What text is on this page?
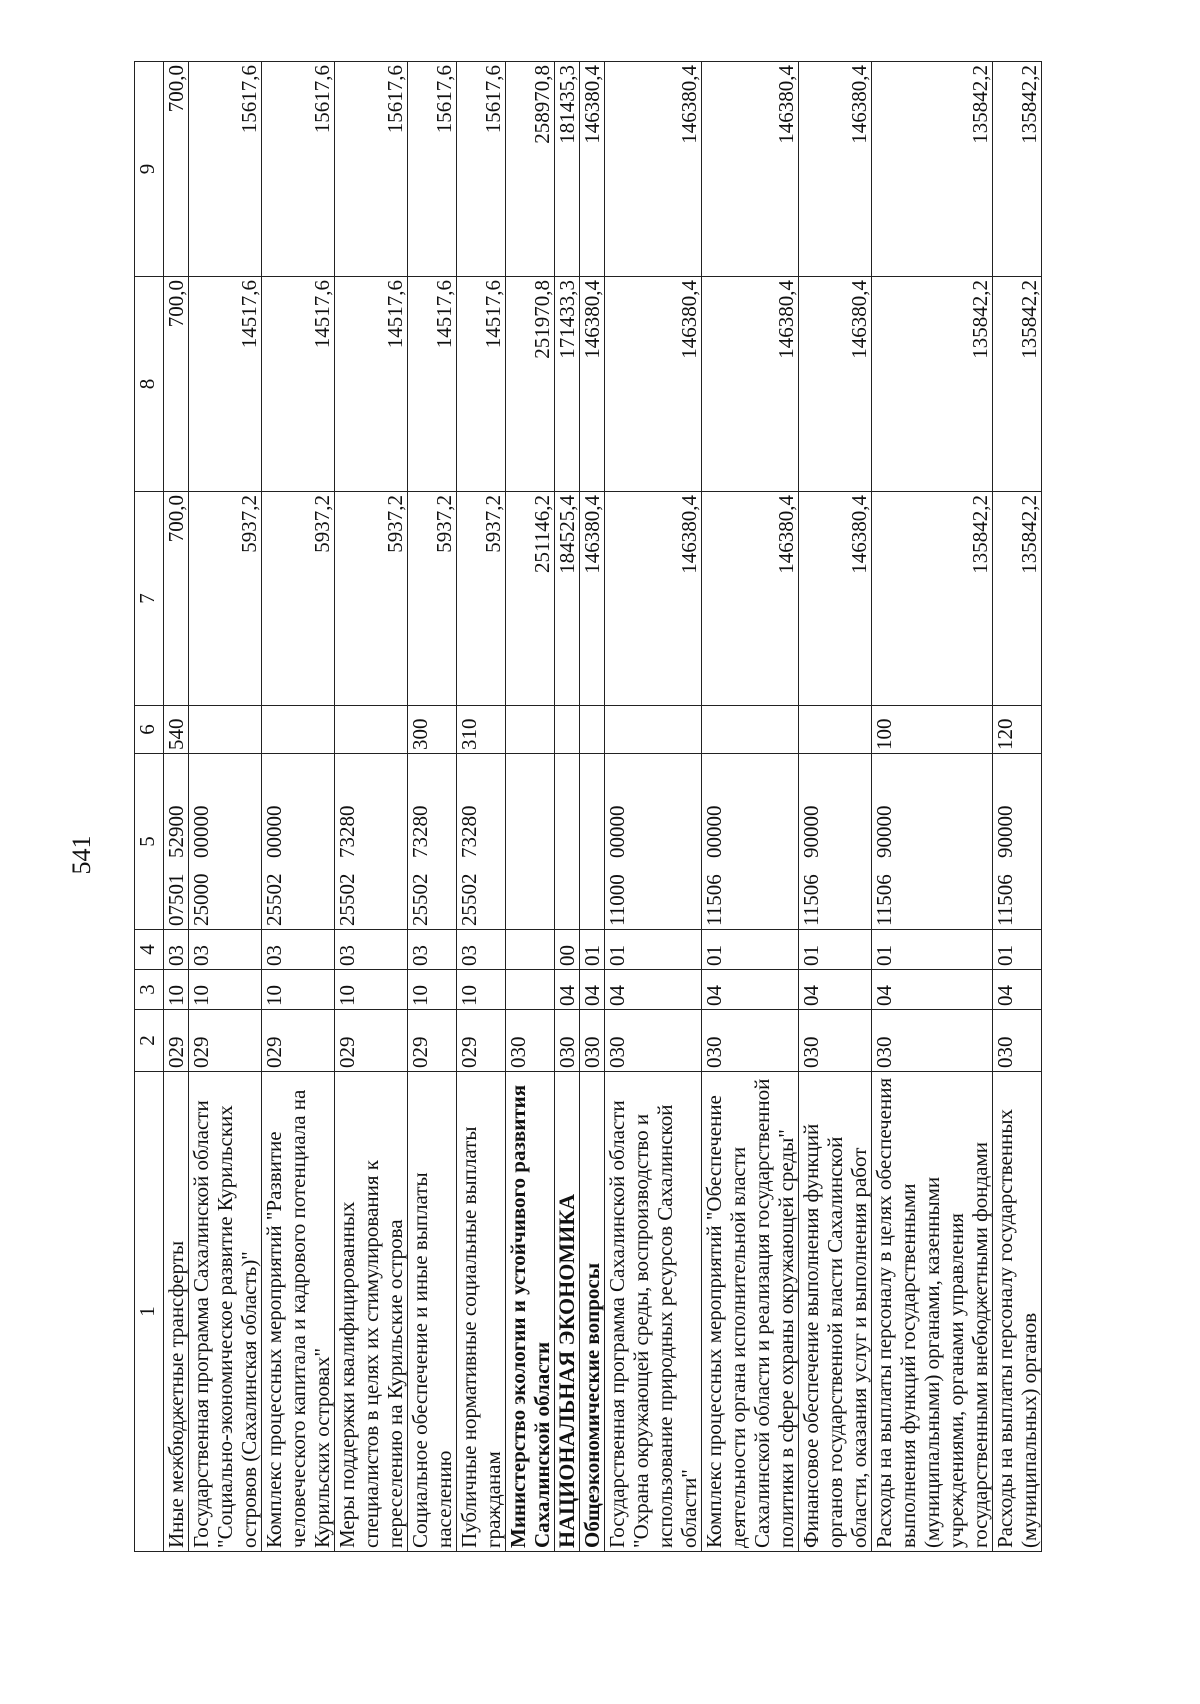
541
1	2	3	4	5	6	7	8	9
Иные межбюджетные трансферты	029	10	03	0750152900	540	700,0	700,0	700,0
Государственная программа Сахалинской области "Социально-экономическое развитие Курильских островов (Сахалинская область)"	029	10	03	2500000000		5937,2	14517,6	15617,6
Комплекс процессных мероприятий "Развитие человеческого капитала и кадрового потенциала на Курильских островах"	029	10	03	2550200000		5937,2	14517,6	15617,6
Меры поддержки квалифицированных специалистов в целях их стимулирования к переселению на Курильские острова	029	10	03	2550273280		5937,2	14517,6	15617,6
Социальное обеспечение и иные выплаты населению	029	10	03	2550273280	300	5937,2	14517,6	15617,6
Публичные нормативные социальные выплаты гражданам	029	10	03	2550273280	310	5937,2	14517,6	15617,6
Министерство экологии и устойчивого развития Сахалинской области	030					251146,2	251970,8	258970,8
НАЦИОНАЛЬНАЯ ЭКОНОМИКА	030	04	00			184525,4	171433,3	181435,3
Общеэкономические вопросы	030	04	01			146380,4	146380,4	146380,4
Государственная программа Сахалинской области "Охрана окружающей среды, воспроизводство и использование природных ресурсов Сахалинской области"	030	04	01	1100000000		146380,4	146380,4	146380,4
Комплекс процессных мероприятий "Обеспечение деятельности органа исполнительной власти Сахалинской области и реализация государственной политики в сфере охраны окружающей среды"	030	04	01	1150600000		146380,4	146380,4	146380,4
Финансовое обеспечение выполнения функций органов государственной власти Сахалинской области, оказания услуг и выполнения работ	030	04	01	1150690000		146380,4	146380,4	146380,4
Расходы на выплаты персоналу в целях обеспечения выполнения функций государственными (муниципальными) органами, казенными учреждениями, органами управления государственными внебюджетными фондами	030	04	01	1150690000	100	135842,2	135842,2	135842,2
Расходы на выплаты персоналу государственных (муниципальных) органов	030	04	01	1150690000	120	135842,2	135842,2	135842,2
